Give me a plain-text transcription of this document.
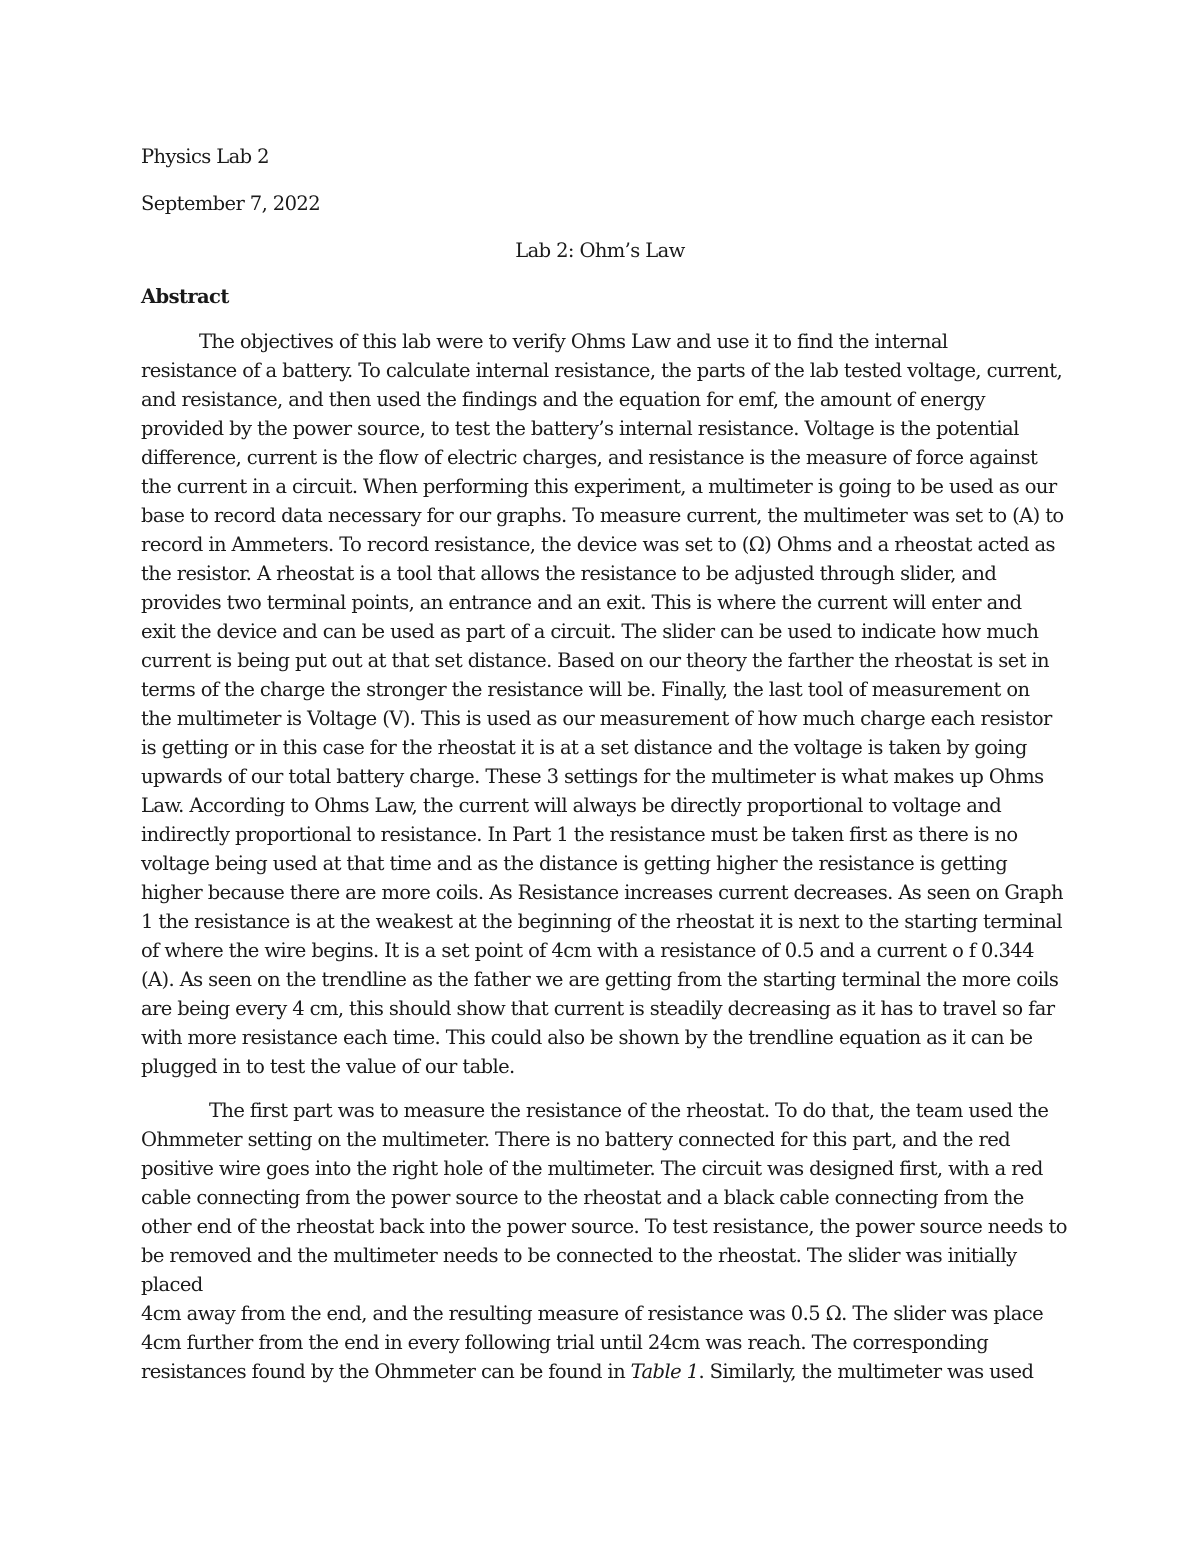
Physics Lab 2

September 7, 2022

Lab 2: Ohm’s Law

Abstract

The objectives of this lab were to verify Ohms Law and use it to find the internal

resistance of a battery. To calculate internal resistance, the parts of the lab tested voltage, current,

and resistance, and then used the findings and the equation for emf, the amount of energy

provided by the power source, to test the battery’s internal resistance. Voltage is the potential

difference, current is the flow of electric charges, and resistance is the measure of force against

the current in a circuit. When performing this experiment, a multimeter is going to be used as our

base to record data necessary for our graphs. To measure current, the multimeter was set to (A) to

record in Ammeters. To record resistance, the device was set to (Ω) Ohms and a rheostat acted as

the resistor. A rheostat is a tool that allows the resistance to be adjusted through slider, and

provides two terminal points, an entrance and an exit. This is where the current will enter and

exit the device and can be used as part of a circuit. The slider can be used to indicate how much

current is being put out at that set distance. Based on our theory the farther the rheostat is set in

terms of the charge the stronger the resistance will be. Finally, the last tool of measurement on

the multimeter is Voltage (V). This is used as our measurement of how much charge each resistor

is getting or in this case for the rheostat it is at a set distance and the voltage is taken by going

upwards of our total battery charge. These 3 settings for the multimeter is what makes up Ohms

Law. According to Ohms Law, the current will always be directly proportional to voltage and

indirectly proportional to resistance. In Part 1 the resistance must be taken first as there is no

voltage being used at that time and as the distance is getting higher the resistance is getting

higher because there are more coils. As Resistance increases current decreases. As seen on Graph

1 the resistance is at the weakest at the beginning of the rheostat it is next to the starting terminal

of where the wire begins. It is a set point of 4cm with a resistance of 0.5 and a current o f 0.344

(A). As seen on the trendline as the father we are getting from the starting terminal the more coils

are being every 4 cm, this should show that current is steadily decreasing as it has to travel so far

with more resistance each time. This could also be shown by the trendline equation as it can be

plugged in to test the value of our table.

The first part was to measure the resistance of the rheostat. To do that, the team used the

Ohmmeter setting on the multimeter. There is no battery connected for this part, and the red

positive wire goes into the right hole of the multimeter. The circuit was designed first, with a red

cable connecting from the power source to the rheostat and a black cable connecting from the

other end of the rheostat back into the power source. To test resistance, the power source needs to

be removed and the multimeter needs to be connected to the rheostat. The slider was initially

placed

4cm away from the end, and the resulting measure of resistance was 0.5 Ω. The slider was place

4cm further from the end in every following trial until 24cm was reach. The corresponding

resistances found by the Ohmmeter can be found in Table 1. Similarly, the multimeter was used
